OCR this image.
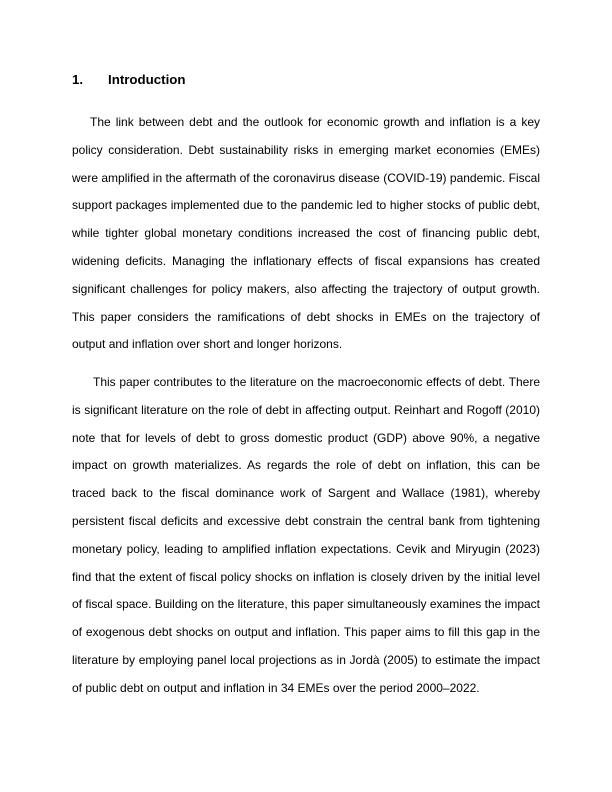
1. Introduction

The link between debt and the outlook for economic growth and inflation is a key policy consideration. Debt sustainability risks in emerging market economies (EMEs) were amplified in the aftermath of the coronavirus disease (COVID-19) pandemic. Fiscal support packages implemented due to the pandemic led to higher stocks of public debt, while tighter global monetary conditions increased the cost of financing public debt, widening deficits. Managing the inflationary effects of fiscal expansions has created significant challenges for policy makers, also affecting the trajectory of output growth. This paper considers the ramifications of debt shocks in EMEs on the trajectory of output and inflation over short and longer horizons.

This paper contributes to the literature on the macroeconomic effects of debt. There is significant literature on the role of debt in affecting output. Reinhart and Rogoff (2010) note that for levels of debt to gross domestic product (GDP) above 90%, a negative impact on growth materializes. As regards the role of debt on inflation, this can be traced back to the fiscal dominance work of Sargent and Wallace (1981), whereby persistent fiscal deficits and excessive debt constrain the central bank from tightening monetary policy, leading to amplified inflation expectations. Cevik and Miryugin (2023) find that the extent of fiscal policy shocks on inflation is closely driven by the initial level of fiscal space. Building on the literature, this paper simultaneously examines the impact of exogenous debt shocks on output and inflation. This paper aims to fill this gap in the literature by employing panel local projections as in Jordà (2005) to estimate the impact of public debt on output and inflation in 34 EMEs over the period 2000–2022.
